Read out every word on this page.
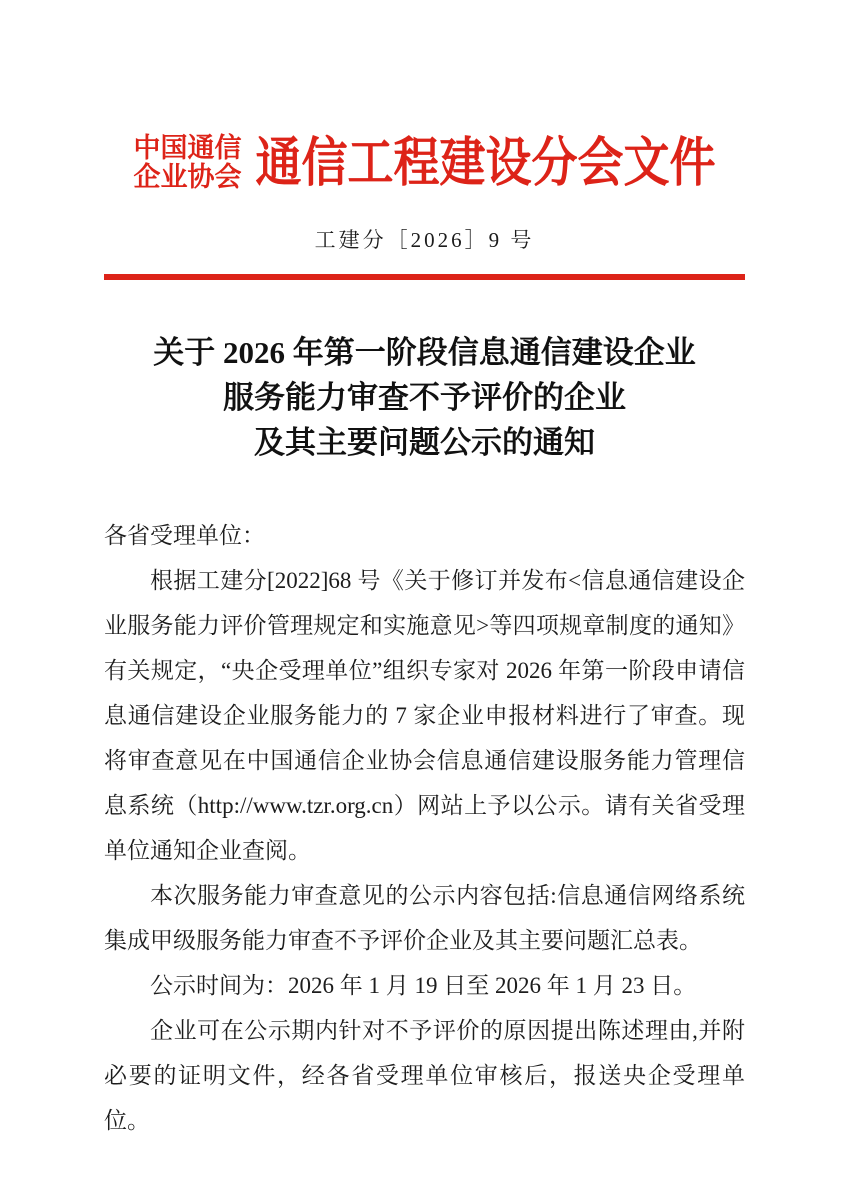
中国通信
企业协会 通信工程建设分会文件
工建分［2026］9 号
关于 2026 年第一阶段信息通信建设企业
服务能力审查不予评价的企业
及其主要问题公示的通知

各省受理单位：

根据工建分[2022]68 号《关于修订并发布<信息通信建设企业服务能力评价管理规定和实施意见>等四项规章制度的通知》有关规定，“央企受理单位”组织专家对 2026 年第一阶段申请信息通信建设企业服务能力的 7 家企业申报材料进行了审查。现将审查意见在中国通信企业协会信息通信建设服务能力管理信息系统（http://www.tzr.org.cn）网站上予以公示。请有关省受理单位通知企业查阅。

本次服务能力审查意见的公示内容包括:信息通信网络系统集成甲级服务能力审查不予评价企业及其主要问题汇总表。

公示时间为：2026 年 1 月 19 日至 2026 年 1 月 23 日。

企业可在公示期内针对不予评价的原因提出陈述理由,并附必要的证明文件，经各省受理单位审核后，报送央企受理单位。
